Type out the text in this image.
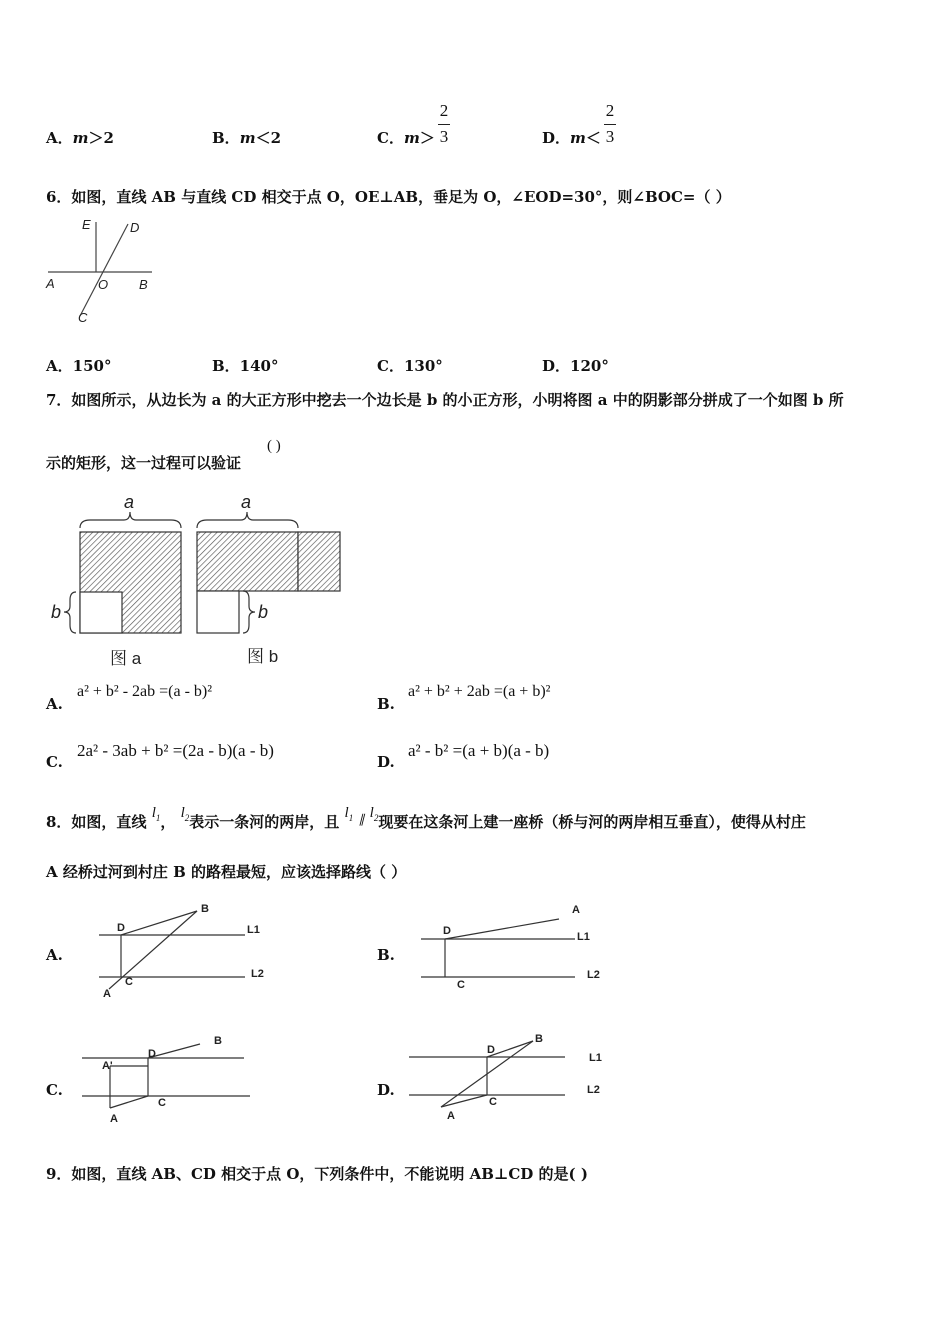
A．m＞2	B．m＜2	C．m＞
2
3	D．m＜
2
3
6．如图，直线 AB 与直线 CD 相交于点 O，OE⊥AB，垂足为 O，∠EOD=30°，则∠BOC=（ ）
E	D
A	O B
C
A．150°	B．140°	C．130°	D．120°
7．如图所示，从边长为 a 的大正方形中挖去一个边长是 b 的小正方形，小明将图 a 中的阴影部分拼成了一个如图 b 所
示的矩形，这一过程可以验证
( )
a
b
图 a
a
b
图 b
A.
a² + b² - 2ab =(a - b)²
B.
a² + b² + 2ab =(a + b)²
C.
2a² - 3ab + b² =(2a - b)(a - b)
D.
a² - b² =(a + b)(a - b)
8．如图，直线 $l_1$， $l_2$表示一条河的两岸，且 $l_1$ ∥ $l_2$现要在这条河上建一座桥（桥与河的两岸相互垂直），使得从村庄
A 经桥过河到村庄 B 的路程最短，应该选择路线（ ）
A.
B
D	L1
L2
C
A
B.
A
D	L1
L2
C
C.
B
D
A'
C
A
D.
B
D
L1
L2
C
A
9．如图，直线 AB、CD 相交于点 O，下列条件中，不能说明 AB⊥CD 的是( )
